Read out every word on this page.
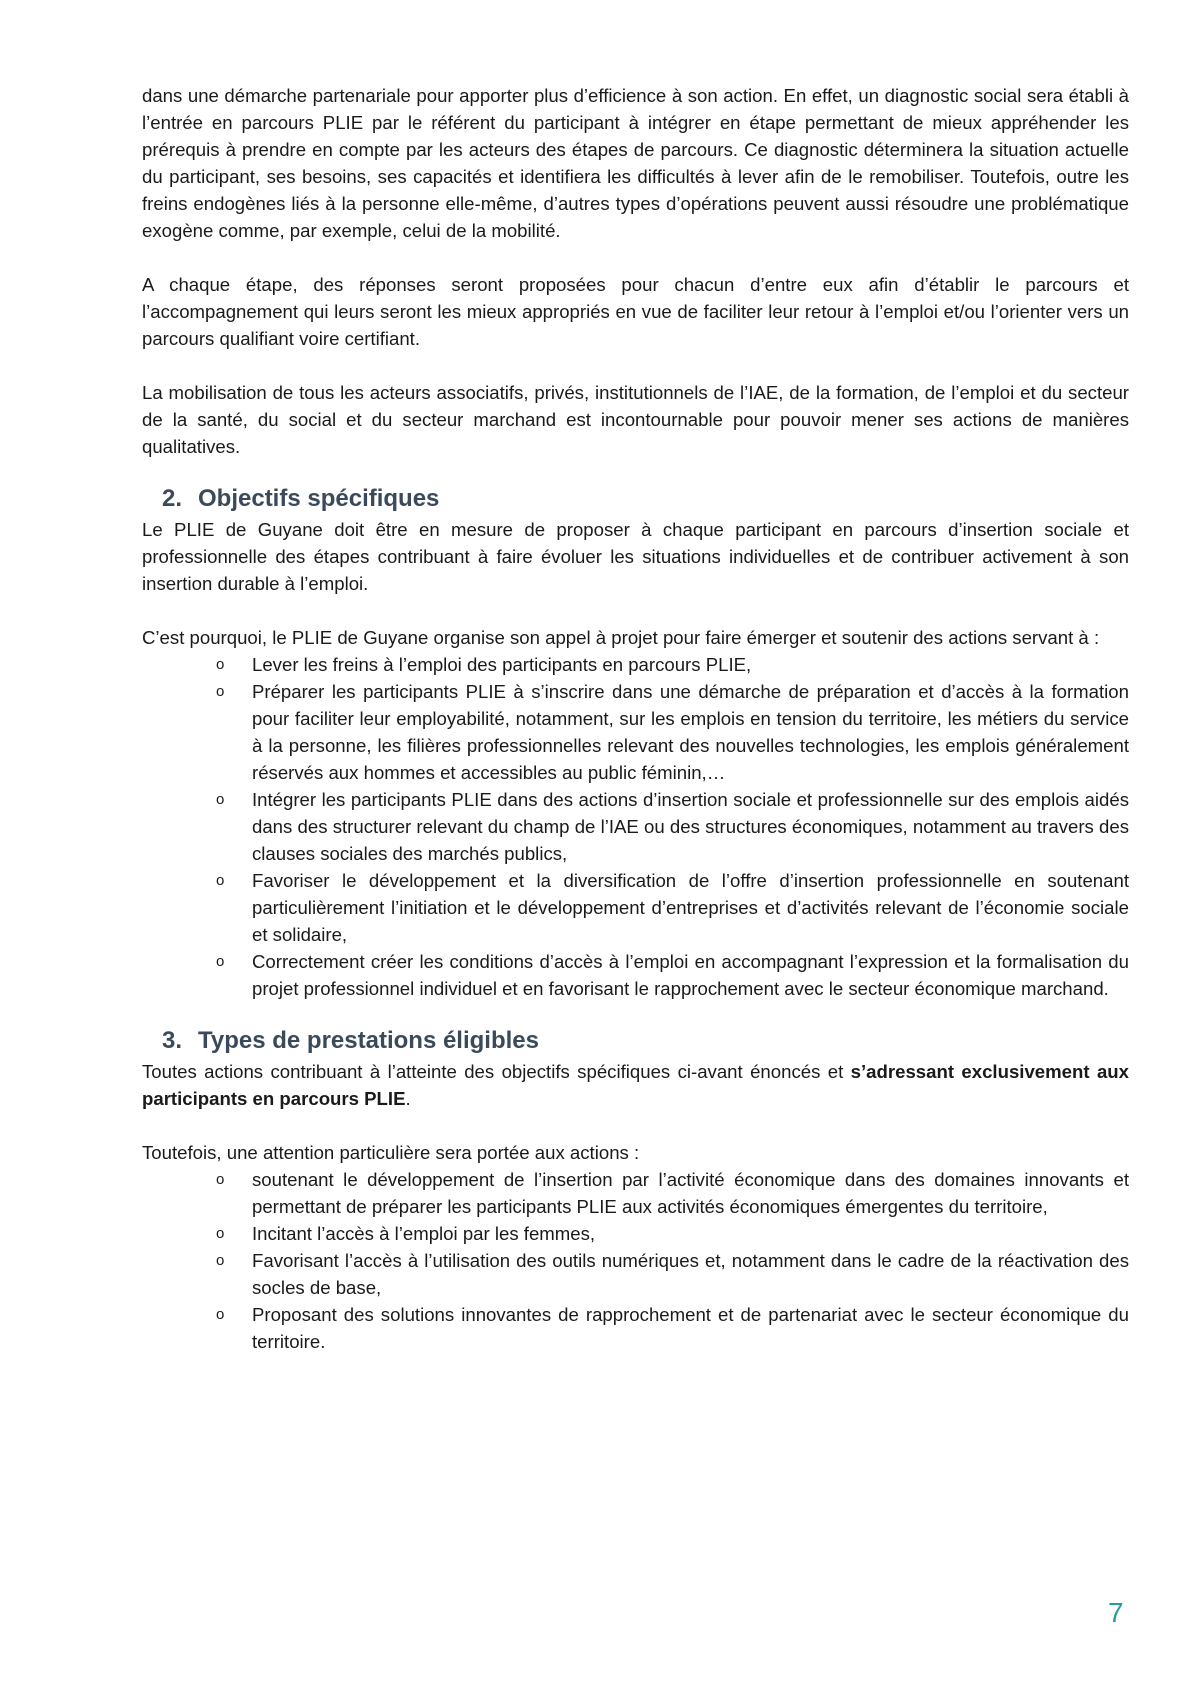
dans une démarche partenariale pour apporter plus d’efficience à son action. En effet, un diagnostic social sera établi à l’entrée en parcours PLIE par le référent du participant à intégrer en étape permettant de mieux appréhender les prérequis à prendre en compte par les acteurs des étapes de parcours. Ce diagnostic déterminera la situation actuelle du participant, ses besoins, ses capacités et identifiera les difficultés à lever afin de le remobiliser. Toutefois, outre les freins endogènes liés à la personne elle-même, d’autres types d’opérations peuvent aussi résoudre une problématique exogène comme, par exemple, celui de la mobilité.

A chaque étape, des réponses seront proposées pour chacun d’entre eux afin d’établir le parcours et l’accompagnement qui leurs seront les mieux appropriés en vue de faciliter leur retour à l’emploi et/ou l’orienter vers un parcours qualifiant voire certifiant.

La mobilisation de tous les acteurs associatifs, privés, institutionnels de l’IAE, de la formation, de l’emploi et du secteur de la santé, du social et du secteur marchand est incontournable pour pouvoir mener ses actions de manières qualitatives.

2. Objectifs spécifiques

Le PLIE de Guyane doit être en mesure de proposer à chaque participant en parcours d’insertion sociale et professionnelle des étapes contribuant à faire évoluer les situations individuelles et de contribuer activement à son insertion durable à l’emploi.

C’est pourquoi, le PLIE de Guyane organise son appel à projet pour faire émerger et soutenir des actions servant à :

o Lever les freins à l’emploi des participants en parcours PLIE,
o Préparer les participants PLIE à s’inscrire dans une démarche de préparation et d’accès à la formation pour faciliter leur employabilité, notamment, sur les emplois en tension du territoire, les métiers du service à la personne, les filières professionnelles relevant des nouvelles technologies, les emplois généralement réservés aux hommes et accessibles au public féminin,…
o Intégrer les participants PLIE dans des actions d’insertion sociale et professionnelle sur des emplois aidés dans des structurer relevant du champ de l’IAE ou des structures économiques, notamment au travers des clauses sociales des marchés publics,
o Favoriser le développement et la diversification de l’offre d’insertion professionnelle en soutenant particulièrement l’initiation et le développement d’entreprises et d’activités relevant de l’économie sociale et solidaire,
o Correctement créer les conditions d’accès à l’emploi en accompagnant l’expression et la formalisation du projet professionnel individuel et en favorisant le rapprochement avec le secteur économique marchand.
3. Types de prestations éligibles

Toutes actions contribuant à l’atteinte des objectifs spécifiques ci-avant énoncés et s’adressant exclusivement aux participants en parcours PLIE.

Toutefois, une attention particulière sera portée aux actions :

o soutenant le développement de l’insertion par l’activité économique dans des domaines innovants et permettant de préparer les participants PLIE aux activités économiques émergentes du territoire,
o Incitant l’accès à l’emploi par les femmes,
o Favorisant l’accès à l’utilisation des outils numériques et, notamment dans le cadre de la réactivation des socles de base,
o Proposant des solutions innovantes de rapprochement et de partenariat avec le secteur économique du territoire.
7
